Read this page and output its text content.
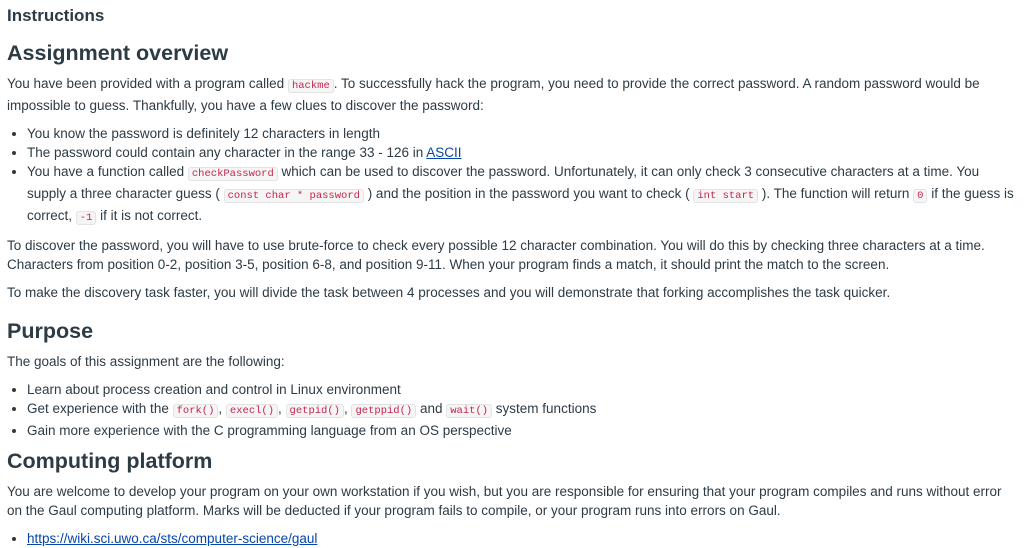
Instructions
Assignment overview

You have been provided with a program called hackme . To successfully hack the program, you need to provide the correct password. A random password would be impossible to guess. Thankfully, you have a few clues to discover the password:

• You know the password is definitely 12 characters in length
• The password could contain any character in the range 33 - 126 in ASCII
• You have a function called checkPassword which can be used to discover the password. Unfortunately, it can only check 3 consecutive characters at a time. You supply a three character guess ( const char * password ) and the position in the password you want to check ( int start ). The function will return 0 if the guess is correct, -1 if it is not correct.

To discover the password, you will have to use brute-force to check every possible 12 character combination. You will do this by checking three characters at a time. Characters from position 0-2, position 3-5, position 6-8, and position 9-11. When your program finds a match, it should print the match to the screen.

To make the discovery task faster, you will divide the task between 4 processes and you will demonstrate that forking accomplishes the task quicker.

Purpose

The goals of this assignment are the following:

• Learn about process creation and control in Linux environment
• Get experience with the fork() , execl() , getpid() , getppid() and wait() system functions
• Gain more experience with the C programming language from an OS perspective
Computing platform

You are welcome to develop your program on your own workstation if you wish, but you are responsible for ensuring that your program compiles and runs without error on the Gaul computing platform. Marks will be deducted if your program fails to compile, or your program runs into errors on Gaul.

• https://wiki.sci.uwo.ca/sts/computer-science/gaul
